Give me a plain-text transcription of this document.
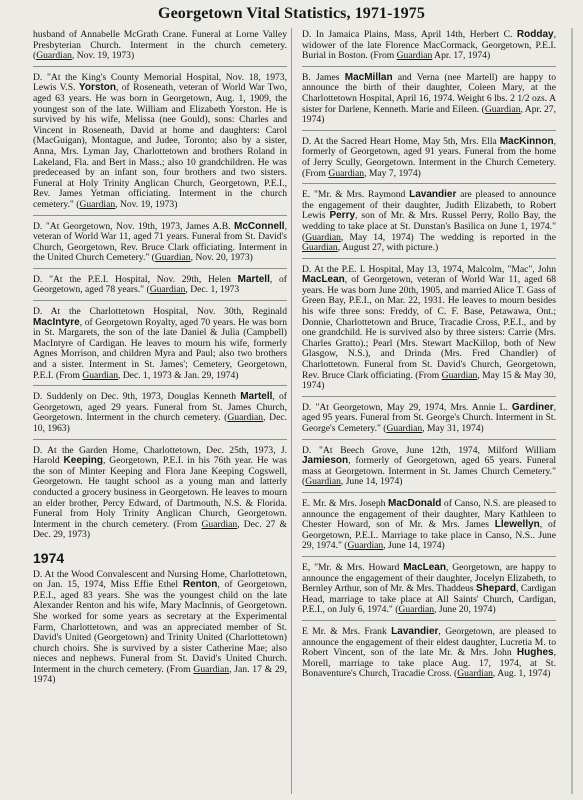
Georgetown Vital Statistics, 1971-1975
husband of Annabelle McGrath Crane. Funeral at Lorne Valley Presbyterian Church. Interment in the church cemetery. (Guardian, Nov. 19, 1973)
D. "At the King's County Memorial Hospital, Nov. 18, 1973, Lewis V.S. Yorston, of Roseneath, veteran of World War Two, aged 63 years. He was born in Georgetown, Aug. 1, 1909, the youngest son of the late. William and Elizabeth Yorston. He is survived by his wife, Melissa (nee Gould), sons: Charles and Vincent in Roseneath, David at home and daughters: Carol (MacGuigan), Montague, and Judee, Toronto; also by a sister, Anna, Mrs. Lyman Jay, Charlottetown and brothers Roland in Lakeland, Fla. and Bert in Mass.; also 10 grandchildren. He was predeceased by an infant son, four brothers and two sisters. Funeral at Holy Trinity Anglican Church, Georgetown, P.E.I., Rev. James Yetman officiating. Interment in the church cemetery." (Guardian, Nov. 19, 1973)
D. "At Georgetown, Nov. 19th, 1973, James A.B. McConnell, veteran of World War 11, aged 71 years. Funeral from St. David's Church, Georgetown, Rev. Bruce Clark officiating. Interment in the United Church Cemetery." (Guardian, Nov. 20, 1973)
D. "At the P.E.I. Hospital, Nov. 29th, Helen Martell, of Georgetown, aged 78 years." (Guardian, Dec. 1, 1973
D. At the Charlottetown Hospital, Nov. 30th, Reginald MacIntyre, of Georgetown Royalty, aged 70 years. He was born in St. Margarets, the son of the late Daniel & Julia (Campbell) MacIntyre of Cardigan. He leaves to mourn his wife, formerly Agnes Morrison, and children Myra and Paul; also two brothers and a sister. Interment in St. James'; Cemetery, Georgetown, P.E.I. (From Guardian, Dec. 1, 1973 & Jan. 29, 1974)
D. Suddenly on Dec. 9th, 1973, Douglas Kenneth Martell, of Georgetown, aged 29 years. Funeral from St. James Church, Georgetown. Interment in the church cemetery. (Guardian, Dec. 10, 1963)
D. At the Garden Home, Charlottetown, Dec. 25th, 1973, J. Harold Keeping, Georgetown, P.E.I. in his 76th year. He was the son of Minter Keeping and Flora Jane Keeping Cogswell, Georgetown. He taught school as a young man and latterly conducted a grocery business in Georgetown. He leaves to mourn an elder brother, Percy Edward, of Dartmouth, N.S. & Florida. Funeral from Holy Trinity Anglican Church, Georgetown. Interment in the church cemetery. (From Guardian, Dec. 27 & Dec. 29, 1973)
1974
D. At the Wood Convalescent and Nursing Home, Charlottetown, on Jan. 15, 1974, Miss Effie Ethel Renton, of Georgetown, P.E.I., aged 83 years. She was the youngest child on the late Alexander Renton and his wife, Mary MacInnis, of Georgetown. She worked for some years as secretary at the Experimental Farm, Charlottetown, and was an appreciated member of St. David's United (Georgetown) and Trinity United (Charlottetown) church choirs. She is survived by a sister Catherine Mae; also nieces and nephews. Funeral from St. David's United Church. Interment in the church cemetery. (From Guardian, Jan. 17 & 29, 1974)
D. In Jamaica Plains, Mass, April 14th, Herbert C. Rodday, widower of the late Florence MacCormack, Georgetown, P.E.I. Burial in Boston. (From Guardian Apr. 17, 1974)
B. James MacMillan and Verna (nee Martell) are happy to announce the birth of their daughter, Coleen Mary, at the Charlottetown Hospital, April 16, 1974. Weight 6 lbs. 2 1/2 ozs. A sister for Darlene, Kenneth. Marie and Eileen. (Guardian, Apr. 27, 1974)
D. At the Sacred Heart Home, May 5th, Mrs. Ella MacKinnon, formerly of Georgetown, aged 91 years. Funeral from the home of Jerry Scully, Georgetown. Interment in the Church Cemetery. (From Guardian, May 7, 1974)
E. "Mr. & Mrs. Raymond Lavandier are pleased to announce the engagement of their daughter, Judith Elizabeth, to Robert Lewis Perry, son of Mr. & Mrs. Russel Perry, Rollo Bay, the wedding to take place at St. Dunstan's Basilica on June 1, 1974." (Guardian, May 14, 1974) The wedding is reported in the Guardian, August 27, with picture.)
D. At the P.E. I. Hospital, May 13, 1974, Malcolm, "Mac", John MacLean, of Georgetown, veteran of World War 11, aged 68 years. He was born June 20th, 1905, and married Alice T. Gass of Green Bay, P.E.I., on Mar. 22, 1931. He leaves to mourn besides his wife three sons: Freddy, of C. F. Base, Petawawa, Ont.; Donnie, Charlottetown and Bruce, Tracadie Cross, P.E.I., and by one grandchild. He is survived also by three sisters: Carrie (Mrs. Charles Gratto).; Pearl (Mrs. Stewart MacKillop, both of New Glasgow, N.S.), and Drinda (Mrs. Fred Chandler) of Charlottetown. Funeral from St. David's Church, Georgetown, Rev. Bruce Clark officiating. (From Guardian, May 15 & May 30, 1974)
D. "At Georgetown, May 29, 1974, Mrs. Annie L. Gardiner, aged 95 years. Funeral from St. George's Church. Interment in St. George's Cemetery." (Guardian, May 31, 1974)
D. "At Beech Grove, June 12th, 1974, Milford William Jamieson, formerly of Georgetown, aged 65 years. Funeral mass at Georgetown. Interment in St. James Church Cemetery." (Guardian, June 14, 1974)
E. Mr. & Mrs. Joseph MacDonald of Canso, N.S. are pleased to announce the engagement of their daughter, Mary Kathleen to Chester Howard, son of Mr. & Mrs. James Llewellyn, of Georgetown, P.E.I.. Marriage to take place in Canso, N.S.. June 29, 1974." (Guardian, June 14, 1974)
E, "Mr. & Mrs. Howard MacLean, Georgetown, are happy to announce the engagement of their daughter, Jocelyn Elizabeth, to Bernley Arthur, son of Mr. & Mrs. Thaddeus Shepard, Cardigan Head, marriage to take place at All Saints' Church, Cardigan, P.E.I., on July 6, 1974." (Guardian, June 20, 1974)
E Mr. & Mrs. Frank Lavandier, Georgetown, are pleased to announce the engagement of their eldest daughter, Lucretia M. to Robert Vincent, son of the late Mr. & Mrs. John Hughes, Morell, marriage to take place Aug. 17, 1974, at St. Bonaventure's Church, Tracadie Cross. (Guardian, Aug. 1, 1974)
